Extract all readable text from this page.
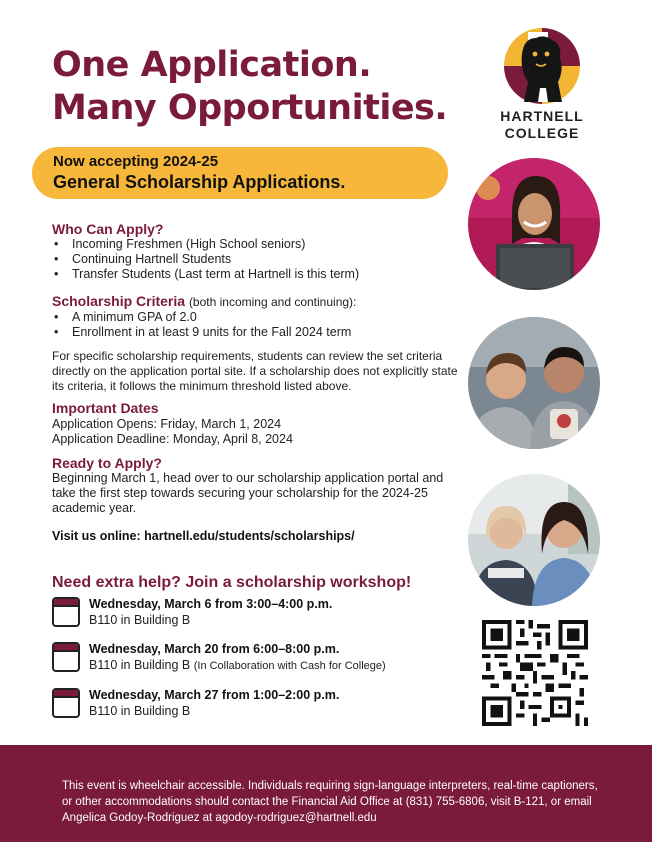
One Application.
Many Opportunities.	HARTNELL
COLLEGE
Now accepting 2024-25
General Scholarship Applications.
Who Can Apply?
• Incoming Freshmen (High School seniors)
• Continuing Hartnell Students
• Transfer Students (Last term at Hartnell is this term)
Scholarship Criteria (both incoming and continuing):
• A minimum GPA of 2.0
• Enrollment in at least 9 units for the Fall 2024 term

For specific scholarship requirements, students can review the set criteria directly on the application portal site. If a scholarship does not explicitly state its criteria, it follows the minimum threshold listed above.

Important Dates

Application Opens: Friday, March 1, 2024

Application Deadline: Monday, April 8, 2024

Ready to Apply?

Beginning March 1, head over to our scholarship application portal and take the first step towards securing your scholarship for the 2024-25 academic year.

Visit us online: hartnell.edu/students/scholarships/
Need extra help? Join a scholarship workshop!
Wednesday, March 6 from 3:00–4:00 p.m.
B110 in Building B
Wednesday, March 20 from 6:00–8:00 p.m.
B110 in Building B (In Collaboration with Cash for College)
Wednesday, March 27 from 1:00–2:00 p.m.
B110 in Building B

This event is wheelchair accessible. Individuals requiring sign-language interpreters, real-time captioners, or other accommodations should contact the Financial Aid Office at (831) 755-6806, visit B-121, or email Angelica Godoy-Rodriguez at agodoy-rodriguez@hartnell.edu
